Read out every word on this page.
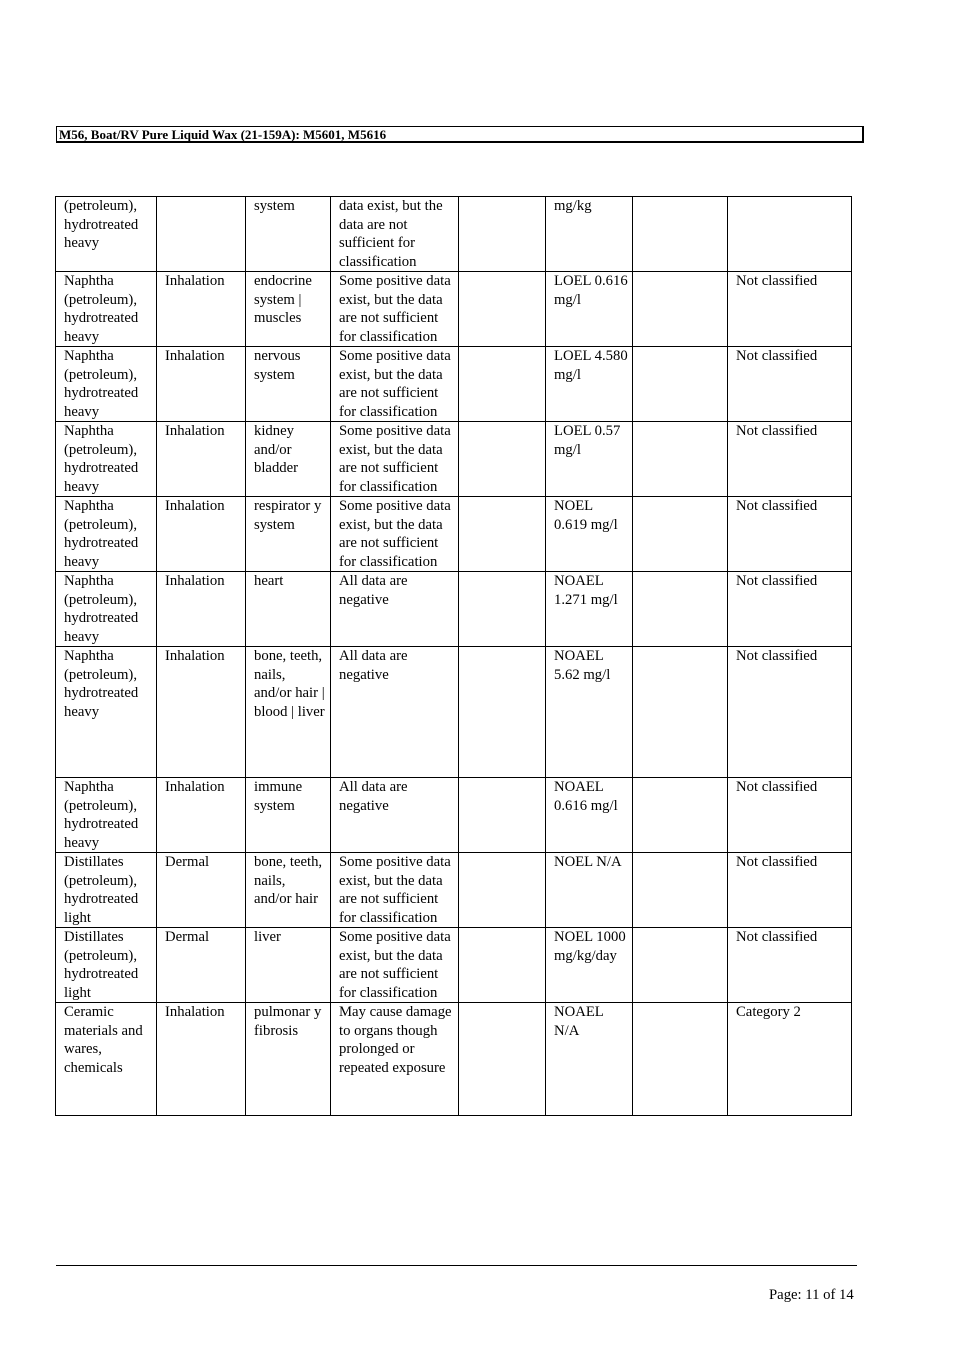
M56, Boat/RV Pure Liquid Wax (21-159A): M5601, M5616
(petroleum), hydrotreated heavy		system	data exist, but the data are not sufficient for classification		mg/kg		
Naphtha (petroleum), hydrotreated heavy	Inhalation	endocrine system | muscles	Some positive data exist, but the data are not sufficient for classification		LOEL 0.616 mg/l		Not classified
Naphtha (petroleum), hydrotreated heavy	Inhalation	nervous system	Some positive data exist, but the data are not sufficient for classification		LOEL 4.580 mg/l		Not classified
Naphtha (petroleum), hydrotreated heavy	Inhalation	kidney and/or bladder	Some positive data exist, but the data are not sufficient for classification		LOEL 0.57 mg/l		Not classified
Naphtha (petroleum), hydrotreated heavy	Inhalation	respirator y system	Some positive data exist, but the data are not sufficient for classification		NOEL 0.619 mg/l		Not classified
Naphtha (petroleum), hydrotreated heavy	Inhalation	heart	All data are negative		NOAEL 1.271 mg/l		Not classified
Naphtha (petroleum), hydrotreated heavy	Inhalation	bone, teeth, nails, and/or hair | blood | liver	All data are negative		NOAEL 5.62 mg/l		Not classified
Naphtha (petroleum), hydrotreated heavy	Inhalation	immune system	All data are negative		NOAEL 0.616 mg/l		Not classified
Distillates (petroleum), hydrotreated light	Dermal	bone, teeth, nails, and/or hair	Some positive data exist, but the data are not sufficient for classification		NOEL N/A		Not classified
Distillates (petroleum), hydrotreated light	Dermal	liver	Some positive data exist, but the data are not sufficient for classification		NOEL 1000 mg/kg/day		Not classified
Ceramic materials and wares, chemicals	Inhalation	pulmonar y fibrosis	May cause damage to organs though prolonged or repeated exposure		NOAEL N/A		Category 2
Page: 11 of 14
